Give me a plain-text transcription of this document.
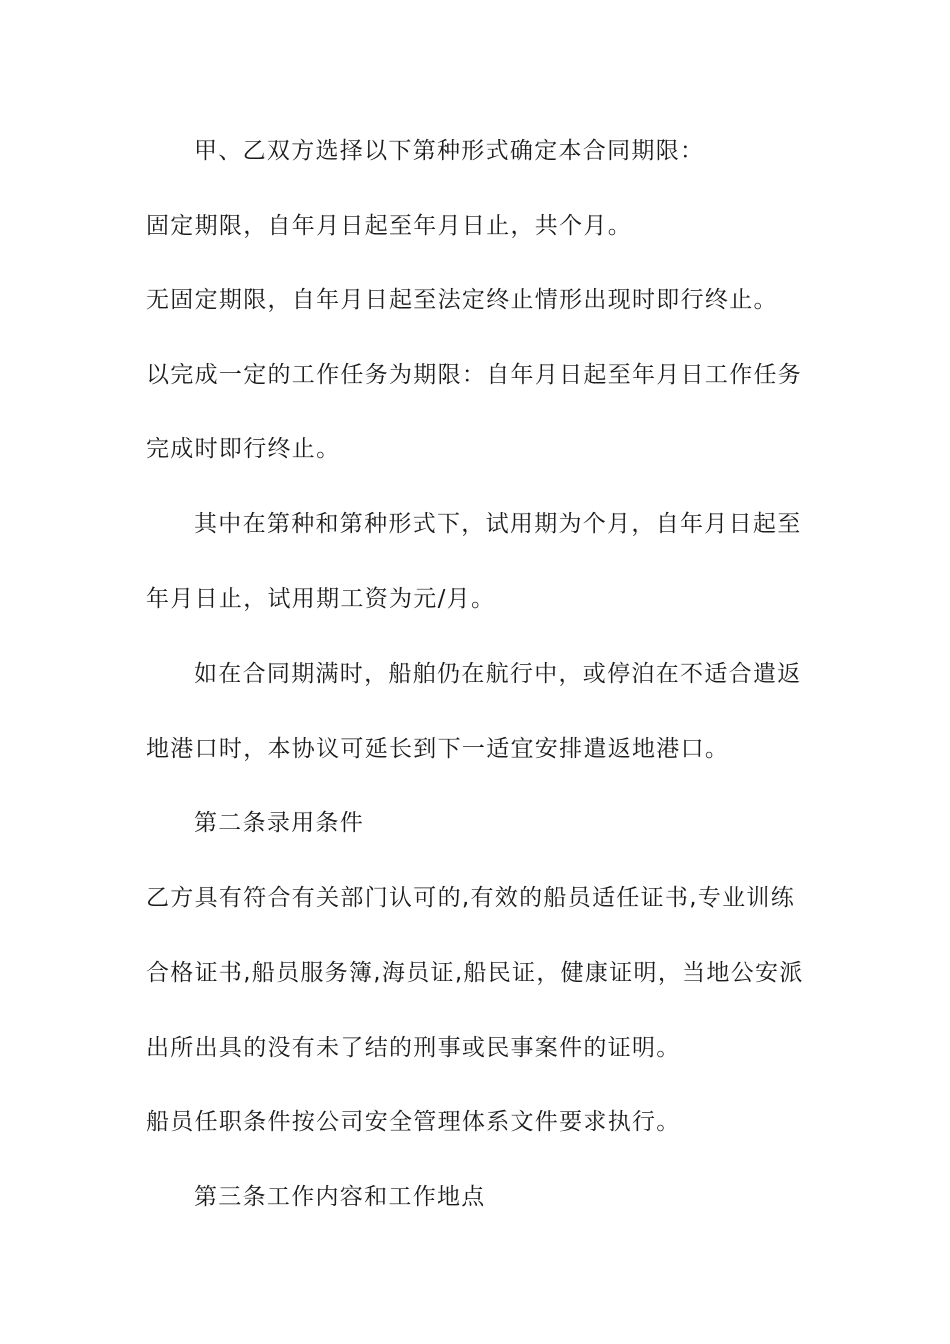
甲、乙双方选择以下第种形式确定本合同期限：
固定期限，自年月日起至年月日止，共个月。
无固定期限，自年月日起至法定终止情形出现时即行终止。
以完成一定的工作任务为期限：自年月日起至年月日工作任务
完成时即行终止。
其中在第种和第种形式下，试用期为个月，自年月日起至
年月日止，试用期工资为元/月。
如在合同期满时，船舶仍在航行中，或停泊在不适合遣返
地港口时，本协议可延长到下一适宜安排遣返地港口。
第二条录用条件
乙方具有符合有关部门认可的,有效的船员适任证书,专业训练
合格证书,船员服务簿,海员证,船民证，健康证明，当地公安派
出所出具的没有未了结的刑事或民事案件的证明。
船员任职条件按公司安全管理体系文件要求执行。
第三条工作内容和工作地点
